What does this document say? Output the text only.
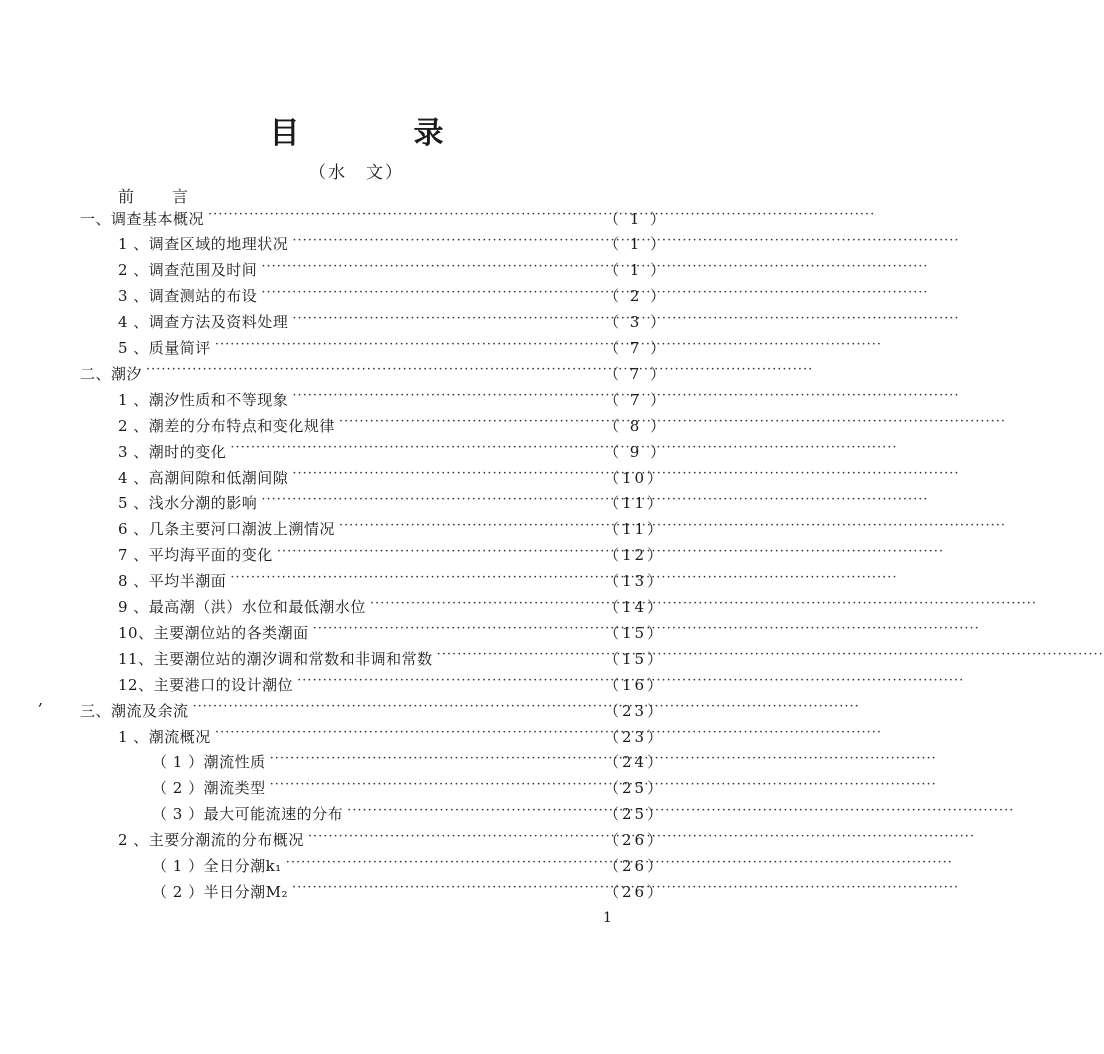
目　录
（水　文）
前　　言
一、调查基本概况 ·····	（ 1 ）
1 、调查区域的地理状况 ·····	（ 1 ）
2 、调查范围及时间 ·····	（ 1 ）
3 、调查测站的布设 ·····	（ 2 ）
4 、调查方法及资料处理 ·····	（ 3 ）
5 、质量简评 ·····	（ 7 ）
二、潮汐 ·····	（ 7 ）
1 、潮汐性质和不等现象 ·····	（ 7 ）
2 、潮差的分布特点和变化规律 ·····	（ 8 ）
3 、潮时的变化 ·····	（ 9 ）
4 、高潮间隙和低潮间隙 ·····	（10）
5 、浅水分潮的影响 ·····	（11）
6 、几条主要河口潮波上溯情况 ·····	（11）
7 、平均海平面的变化 ·····	（12）
8 、平均半潮面 ·····	（13）
9 、最高潮（洪）水位和最低潮水位 ·····	（14）
10、主要潮位站的各类潮面 ·····	（15）
11、主要潮位站的潮汐调和常数和非调和常数 ·····	（15）
12、主要港口的设计潮位 ·····	（16）
三、潮流及余流 ·····	（23）
1 、潮流概况 ·····	（23）
（ 1 ）潮流性质 ·····	（24）
（ 2 ）潮流类型 ·····	（25）
（ 3 ）最大可能流速的分布 ·····	（25）
2 、主要分潮流的分布概况 ·····	（26）
（ 1 ）全日分潮k₁ ·····	（26）
（ 2 ）半日分潮M₂ ·····	（26）
1
,
